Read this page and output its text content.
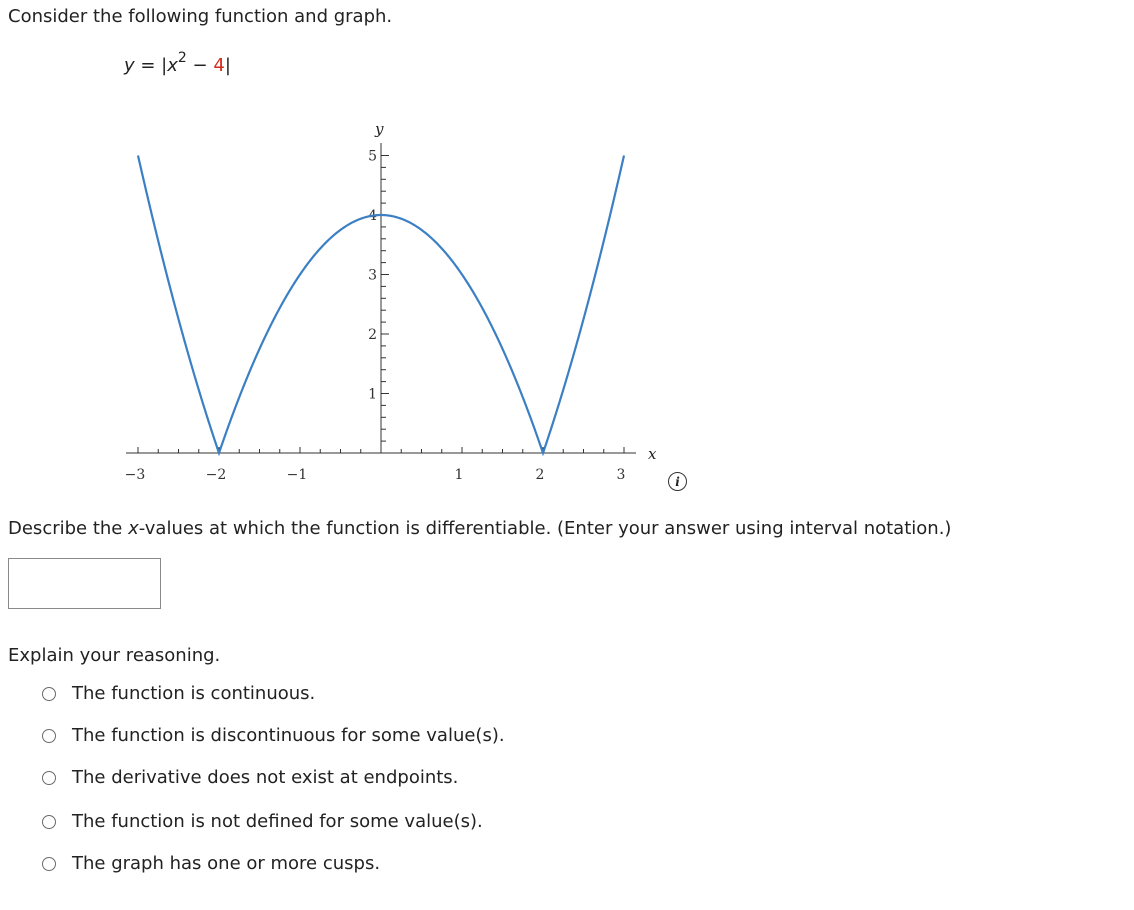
Consider the following function and graph.
$y = |x^2 - 4|$
−3	−2	−1	1	2	3
1
2
3
4
5
x
y
i
Describe the x-values at which the function is differentiable. (Enter your answer using interval notation.)
Explain your reasoning.
The function is continuous.
The function is discontinuous for some value(s).
The derivative does not exist at endpoints.
The function is not defined for some value(s).
The graph has one or more cusps.
